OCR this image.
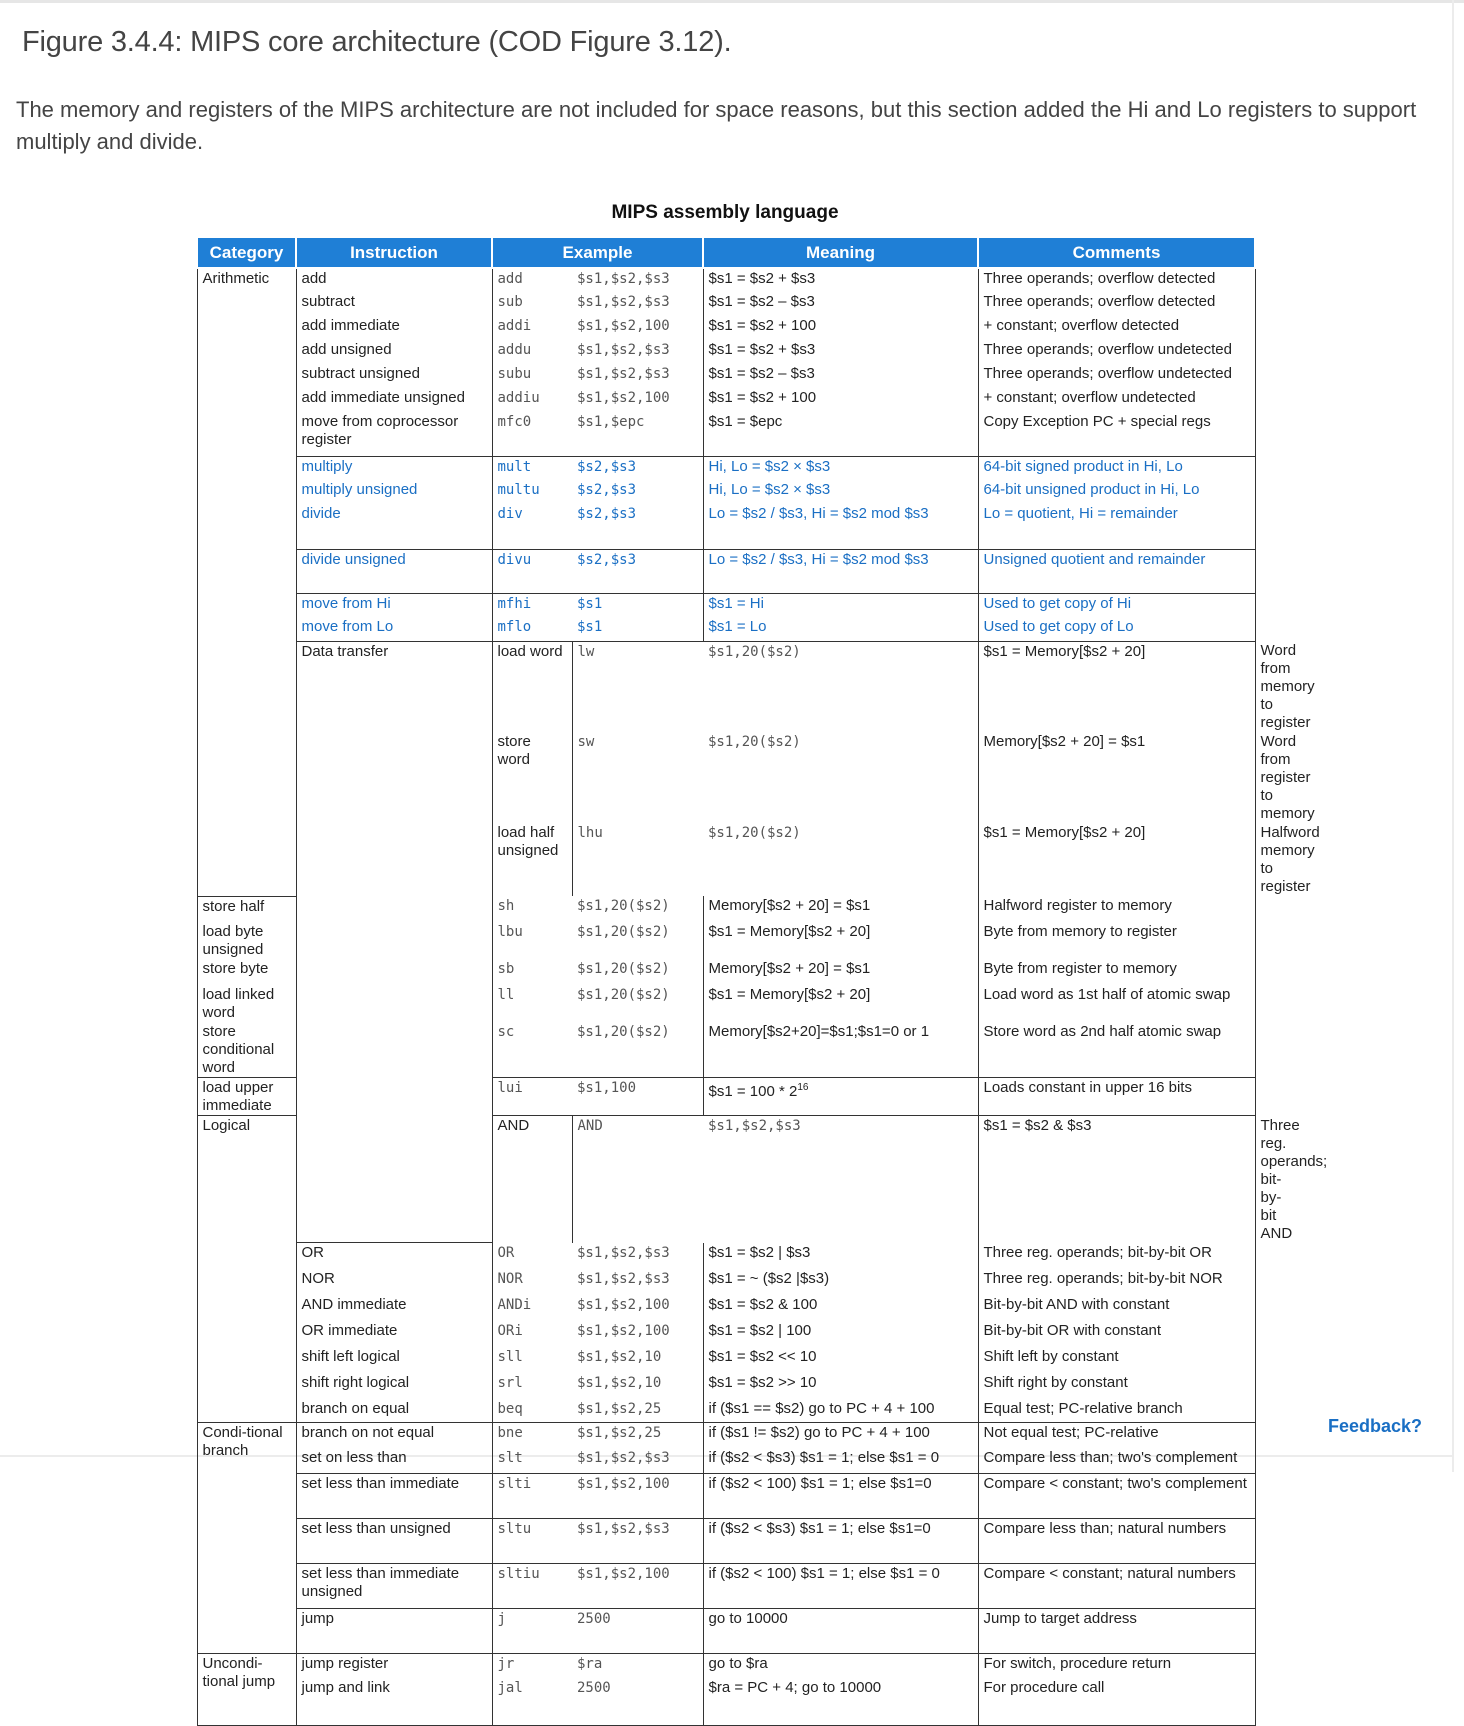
Figure 3.4.4: MIPS core architecture (COD Figure 3.12).

The memory and registers of the MIPS architecture are not included for space reasons, but this section added the Hi and Lo registers to support multiply and divide.

MIPS assembly language
Category	Instruction	Example		Meaning	Comments	
Arithmetic	add	add	$s1,$s2,$s3	$s1 = $s2 + $s3	Three operands; overflow detected	
	subtract	sub	$s1,$s2,$s3	$s1 = $s2 – $s3	Three operands; overflow detected	
	add immediate	addi	$s1,$s2,100	$s1 = $s2 + 100	+ constant; overflow detected	
	add unsigned	addu	$s1,$s2,$s3	$s1 = $s2 + $s3	Three operands; overflow undetected	
	subtract unsigned	subu	$s1,$s2,$s3	$s1 = $s2 – $s3	Three operands; overflow undetected	
	add immediate unsigned	addiu	$s1,$s2,100	$s1 = $s2 + 100	+ constant; overflow undetected	
	move from coprocessor register	mfc0	$s1,$epc	$s1 = $epc	Copy Exception PC + special regs	
	multiply	mult	$s2,$s3	Hi, Lo = $s2 × $s3	64-bit signed product in Hi, Lo	
	multiply unsigned	multu	$s2,$s3	Hi, Lo = $s2 × $s3	64-bit unsigned product in Hi, Lo	
	divide	div	$s2,$s3	Lo = $s2 / $s3, Hi = $s2 mod $s3	Lo = quotient, Hi = remainder	
	divide unsigned	divu	$s2,$s3	Lo = $s2 / $s3, Hi = $s2 mod $s3	Unsigned quotient and remainder	
	move from Hi	mfhi	$s1	$s1 = Hi	Used to get copy of Hi	
	move from Lo	mflo	$s1	$s1 = Lo	Used to get copy of Lo	
	Data transfer	load word	lw	$s1,20($s2)	$s1 = Memory[$s2 + 20]	Word from memory to register
		store word	sw	$s1,20($s2)	Memory[$s2 + 20] = $s1	Word from register to memory
		load half unsigned	lhu	$s1,20($s2)	$s1 = Memory[$s2 + 20]	Halfword memory to register
store half		sh	$s1,20($s2)	Memory[$s2 + 20] = $s1	Halfword register to memory	
load byte unsigned		lbu	$s1,20($s2)	$s1 = Memory[$s2 + 20]	Byte from memory to register	
store byte		sb	$s1,20($s2)	Memory[$s2 + 20] = $s1	Byte from register to memory	
load linked word		ll	$s1,20($s2)	$s1 = Memory[$s2 + 20]	Load word as 1st half of atomic swap	
store conditional word		sc	$s1,20($s2)	Memory[$s2+20]=$s1;$s1=0 or 1	Store word as 2nd half atomic swap	
load upper immediate		lui	$s1,100	$s1 = $100 * 2^{16}$	Loads constant in upper 16 bits	
Logical		AND	AND	$s1,$s2,$s3	$s1 = $s2 & $s3	Three reg. operands; bit-by-bit AND
	OR	OR	$s1,$s2,$s3	$s1 = $s2 | $s3	Three reg. operands; bit-by-bit OR	
	NOR	NOR	$s1,$s2,$s3	$s1 = ~ ($s2 |$s3)	Three reg. operands; bit-by-bit NOR	
	AND immediate	ANDi	$s1,$s2,100	$s1 = $s2 & 100	Bit-by-bit AND with constant	
	OR immediate	ORi	$s1,$s2,100	$s1 = $s2 | 100	Bit-by-bit OR with constant	
	shift left logical	sll	$s1,$s2,10	$s1 = $s2 << 10	Shift left by constant	
	shift right logical	srl	$s1,$s2,10	$s1 = $s2 >> 10	Shift right by constant	
	branch on equal	beq	$s1,$s2,25	if ($s1 == $s2) go to PC + 4 + 100	Equal test; PC-relative branch	
Condi-tional branch	branch on not equal	bne	$s1,$s2,25	if ($s1 != $s2) go to PC + 4 + 100	Not equal test; PC-relative	
	set on less than	slt	$s1,$s2,$s3	if ($s2 < $s3) $s1 = 1; else $s1 = 0	Compare less than; two's complement	
	set less than immediate	slti	$s1,$s2,100	if ($s2 < 100) $s1 = 1; else $s1=0	Compare < constant; two's complement	
	set less than unsigned	sltu	$s1,$s2,$s3	if ($s2 < $s3) $s1 = 1; else $s1=0	Compare less than; natural numbers	
	set less than immediate unsigned	sltiu	$s1,$s2,100	if ($s2 < 100) $s1 = 1; else $s1 = 0	Compare < constant; natural numbers	
	jump	j	2500	go to 10000	Jump to target address	
Uncondi-tional jump	jump register	jr	$ra	go to $ra	For switch, procedure return	
	jump and link	jal	2500	$ra = PC + 4; go to 10000	For procedure call	

Feedback?
